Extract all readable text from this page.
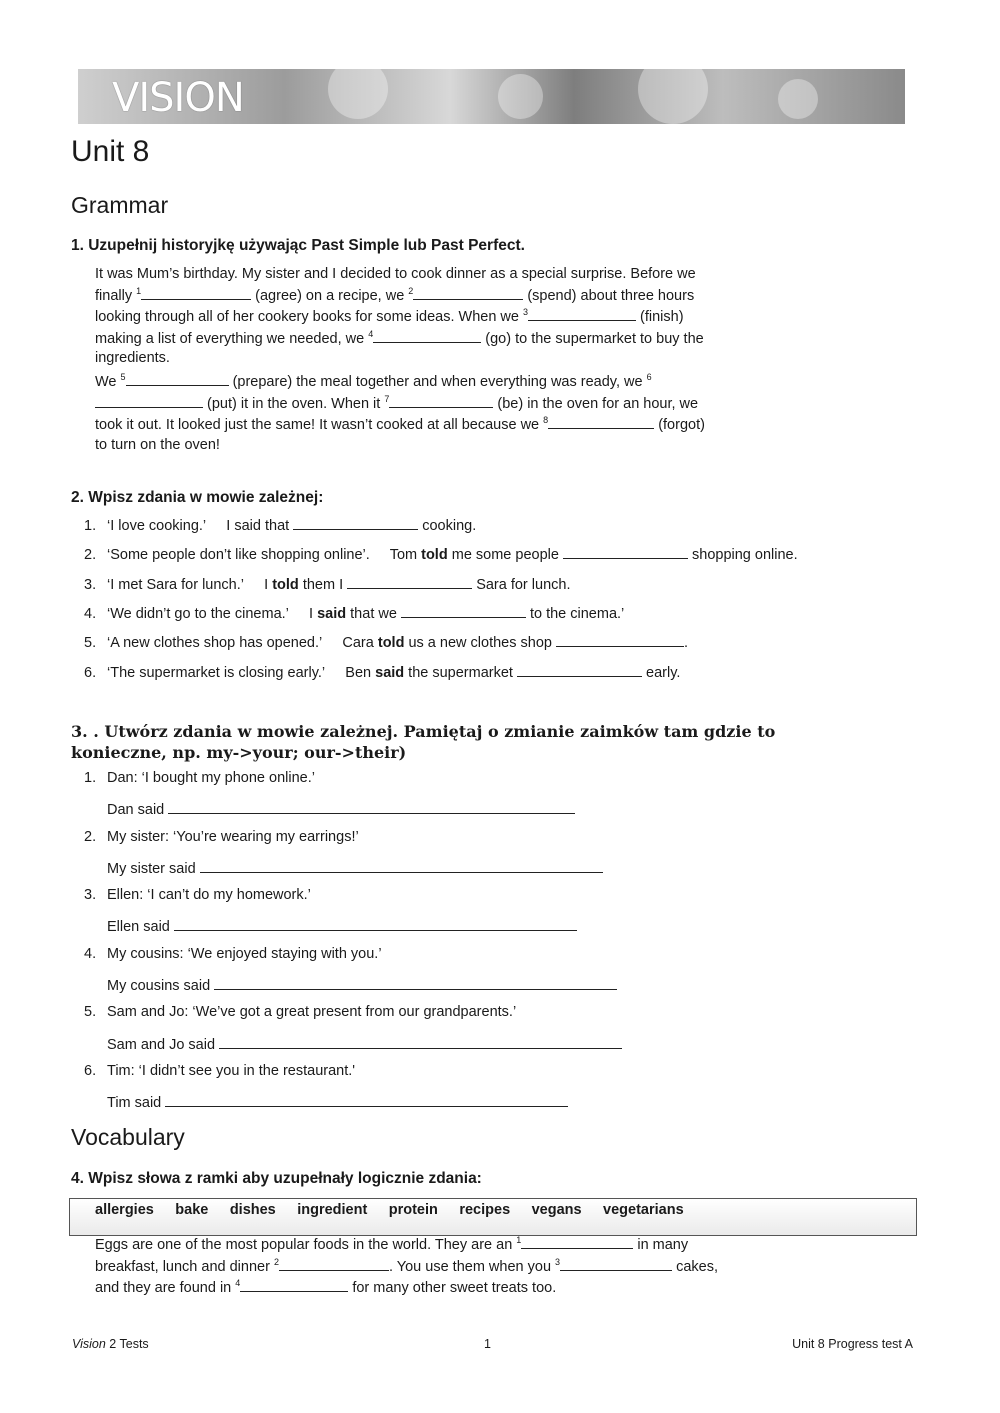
VISION
Unit 8
Grammar
1. Uzupełnij historyjkę używając Past Simple lub Past Perfect.
It was Mum’s birthday. My sister and I decided to cook dinner as a special surprise. Before we finally $^1$	(agree) on a recipe, we $^2$	(spend) about three hours looking through all of her cookery books for some ideas. When we $^3$	(finish) making a list of everything we needed, we $^4$	(go) to the supermarket to buy the ingredients.
We $^5$	(prepare) the meal together and when everything was ready, we $^6$ (put) it in the oven. When it $^7$	(be) in the oven for an hour, we took it out. It looked just the same! It wasn’t cooked at all because we $^8$	(forgot) to turn on the oven!
2. Wpisz zdania w mowie zależnej:
1. ‘I love cooking.’ I said that	cooking.
2. ‘Some people don’t like shopping online’. Tom told me some people	shopping online.
3. ‘I met Sara for lunch.’ I told them I	Sara for lunch.
4. ‘We didn’t go to the cinema.’ I said that we	to the cinema.’
5. ‘A new clothes shop has opened.’ Cara told us a new clothes shop	.
6. ‘The supermarket is closing early.’ Ben said the supermarket	early.
3. . Utwórz zdania w mowie zależnej. Pamiętaj o zmianie zaimków tam gdzie to konieczne, np. my->your; our->their)
1. Dan: ‘I bought my phone online.’
Dan said
2. My sister: ‘You’re wearing my earrings!’
My sister said
3. Ellen: ‘I can’t do my homework.’
Ellen said
4. My cousins: ‘We enjoyed staying with you.’
My cousins said
5. Sam and Jo: ‘We’ve got a great present from our grandparents.’
Sam and Jo said
6. Tim: ‘I didn’t see you in the restaurant.'
Tim said
Vocabulary
4. Wpisz słowa z ramki aby uzupełnały logicznie zdania:
allergies bake dishes ingredient protein recipes vegans vegetarians
Eggs are one of the most popular foods in the world. They are an $^1$	in many breakfast, lunch and dinner $^2$	. You use them when you $^3$	cakes, and they are found in $^4$	for many other sweet treats too.
Vision 2 Tests	1	Unit 8 Progress test A
